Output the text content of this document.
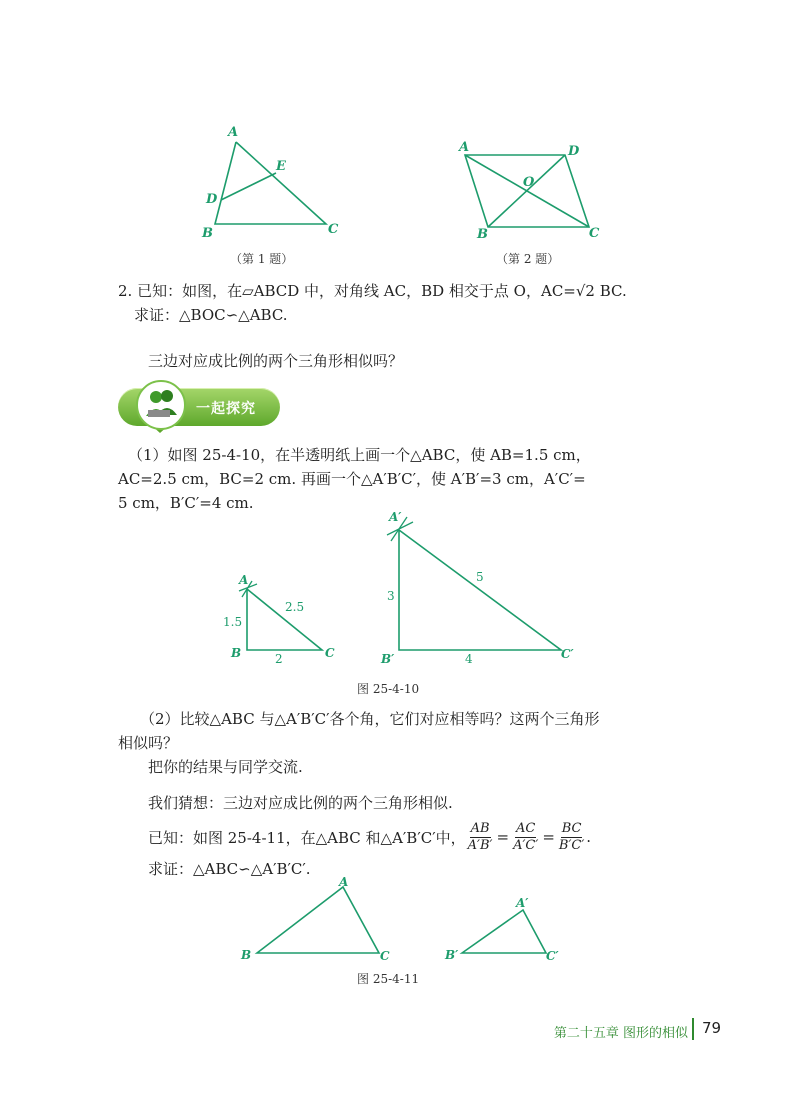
A
E
D
B	C
（第 1 题）
A	D
O
B	C
（第 2 题）
2. 已知：如图，在▱ABCD 中，对角线 AC，BD 相交于点 O，AC=√2 BC.
求证：△BOC∽△ABC.
三边对应成比例的两个三角形相似吗？
一起探究
（1）如图 25-4-10，在半透明纸上画一个△ABC，使 AB=1.5 cm，
AC=2.5 cm，BC=2 cm. 再画一个△A′B′C′，使 A′B′=3 cm，A′C′=
5 cm，B′C′=4 cm.
A
B	C
1.5
2
2.5
A′
B′	C′
3
4
5
图 25-4-10
（2）比较△ABC 与△A′B′C′各个角，它们对应相等吗？这两个三角形
相似吗？
把你的结果与同学交流.
我们猜想：三边对应成比例的两个三角形相似.
已知：如图 25-4-11，在△ABC 和△A′B′C′中， $\frac{AB}{A'B'} = \frac{AC}{A'C'} = \frac{BC}{B'C'}$ .
求证：△ABC∽△A′B′C′.
A
B	C
A′
B′	C′
图 25-4-11
第二十五章 图形的相似 79
